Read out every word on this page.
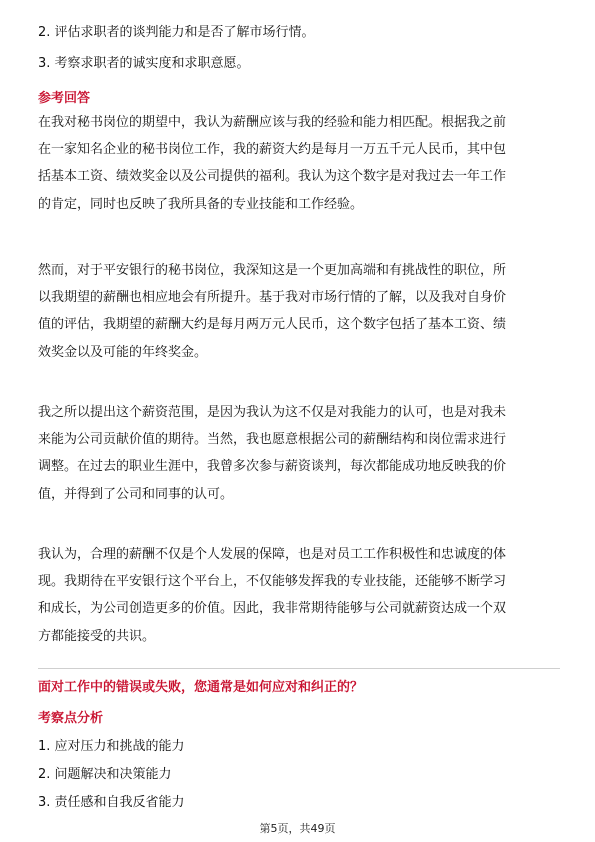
2. 评估求职者的谈判能力和是否了解市场行情。
3. 考察求职者的诚实度和求职意愿。
参考回答
在我对秘书岗位的期望中，我认为薪酬应该与我的经验和能力相匹配。根据我之前
在一家知名企业的秘书岗位工作，我的薪资大约是每月一万五千元人民币，其中包
括基本工资、绩效奖金以及公司提供的福利。我认为这个数字是对我过去一年工作
的肯定，同时也反映了我所具备的专业技能和工作经验。
然而，对于平安银行的秘书岗位，我深知这是一个更加高端和有挑战性的职位，所
以我期望的薪酬也相应地会有所提升。基于我对市场行情的了解，以及我对自身价
值的评估，我期望的薪酬大约是每月两万元人民币，这个数字包括了基本工资、绩
效奖金以及可能的年终奖金。
我之所以提出这个薪资范围，是因为我认为这不仅是对我能力的认可，也是对我未
来能为公司贡献价值的期待。当然，我也愿意根据公司的薪酬结构和岗位需求进行
调整。在过去的职业生涯中，我曾多次参与薪资谈判，每次都能成功地反映我的价
值，并得到了公司和同事的认可。
我认为，合理的薪酬不仅是个人发展的保障，也是对员工工作积极性和忠诚度的体
现。我期待在平安银行这个平台上，不仅能够发挥我的专业技能，还能够不断学习
和成长，为公司创造更多的价值。因此，我非常期待能够与公司就薪资达成一个双
方都能接受的共识。
面对工作中的错误或失败，您通常是如何应对和纠正的？
考察点分析
1. 应对压力和挑战的能力
2. 问题解决和决策能力
3. 责任感和自我反省能力
第5页，共49页
